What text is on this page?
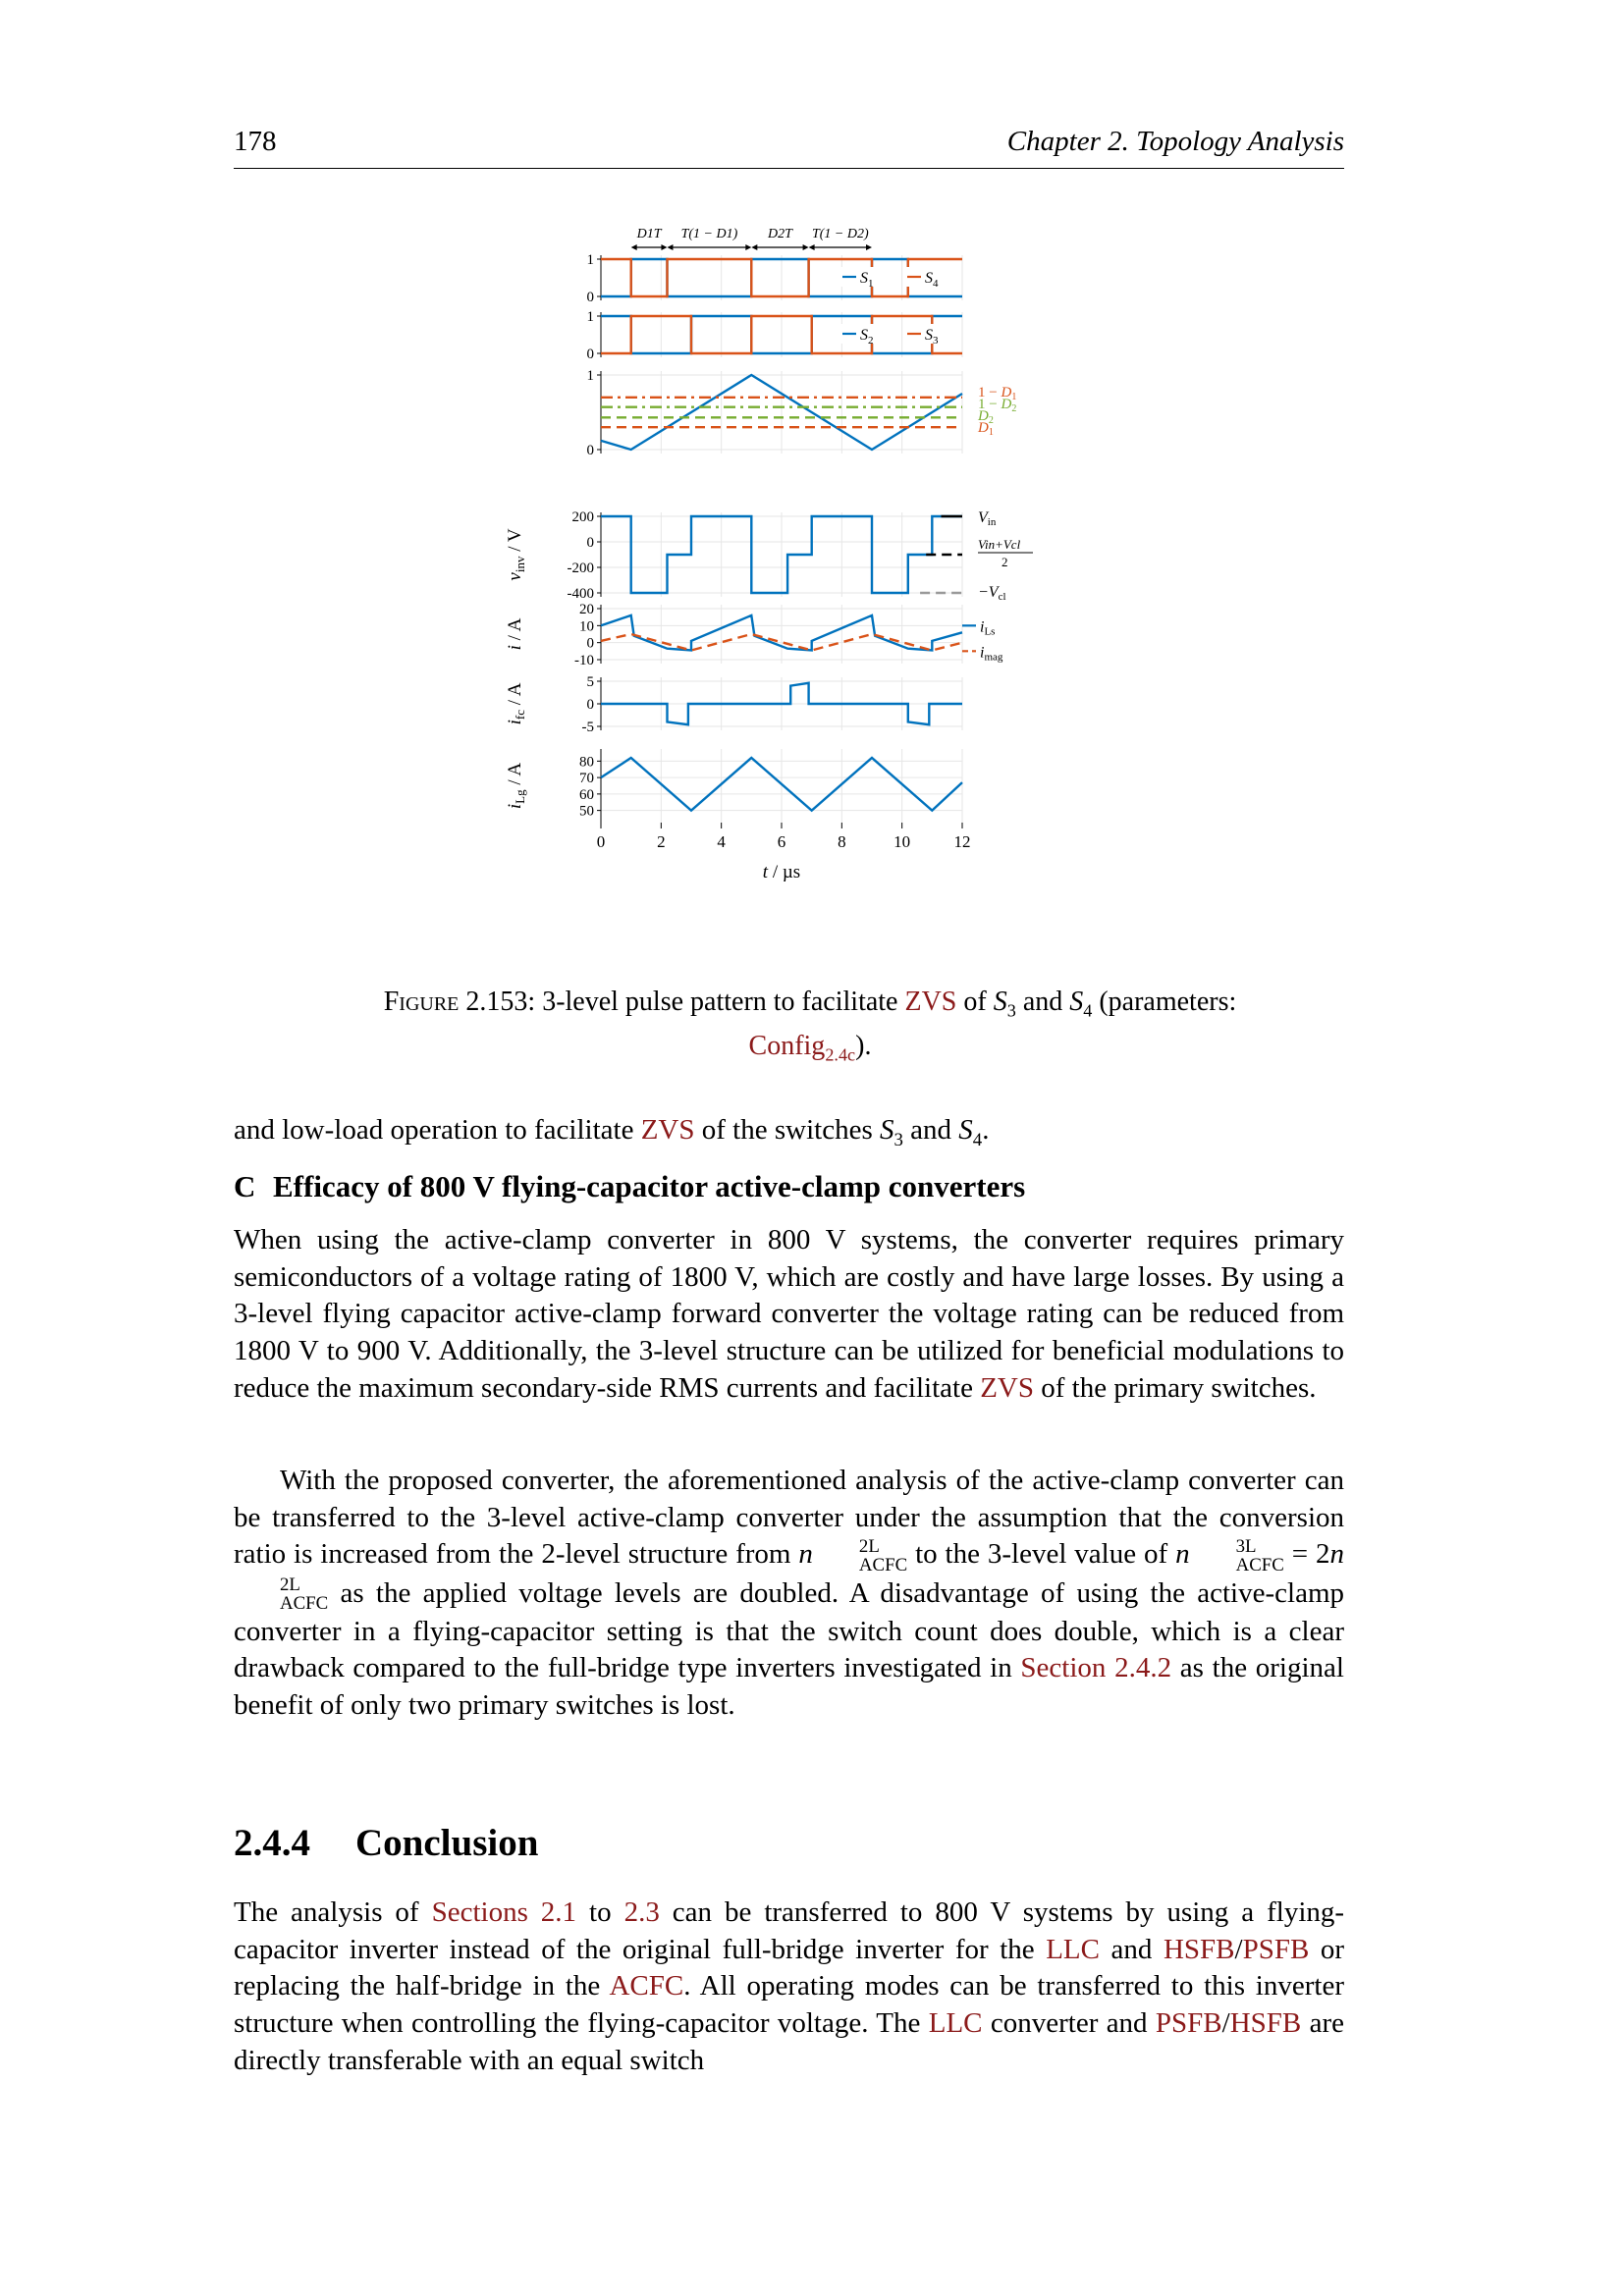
178	Chapter 2. Topology Analysis
D1T T(1 − D1) D2T T(1 − D2)
0
1
$S_1$	$S_4$
0
1
$S_2$	$S_3$
0
1
$1 - D_1$
$1 - D_2$
$D_2$
$D_1$
200
0
-200
-400
$v_{inv}$ / V
Vin
Vin+Vcl
2
−Vcl
20
10
0
-10
i / A	iLs
imag
5
0
-5
$i_{fc}$ / A
80
70
60
50
$i_{Lg}$ / A
0	2	4	6	8	10	12
t / µs
Figure 2.153: 3-level pulse pattern to facilitate ZVS of $S_3$ and $S_4$ (parameters: Config$_{2.4c}$).

and low-load operation to facilitate ZVS of the switches $S_3$ and $S_4$.

C Efficacy of 800 V flying-capacitor active-clamp converters

When using the active-clamp converter in 800 V systems, the converter requires primary semiconductors of a voltage rating of 1800 V, which are costly and have large losses. By using a 3-level flying capacitor active-clamp forward converter the voltage rating can be reduced from 1800 V to 900 V. Additionally, the 3-level structure can be utilized for beneficial modulations to reduce the maximum secondary-side RMS currents and facilitate ZVS of the primary switches.

With the proposed converter, the aforementioned analysis of the active-clamp converter can be transferred to the 3-level active-clamp converter under the assumption that the conversion ratio is increased from the 2-level structure from n	2L
ACFC to the 3-level value of n	3L
ACFC = 2n
2L
ACFC as the applied voltage levels are doubled. A disadvantage of using the active-clamp converter in a flying-capacitor setting is that the switch count does double, which is a clear drawback compared to the full-bridge type inverters investigated in Section 2.4.2 as the original benefit of only two primary switches is lost.

2.4.4 Conclusion

The analysis of Sections 2.1 to 2.3 can be transferred to 800 V systems by using a flying-capacitor inverter instead of the original full-bridge inverter for the LLC and HSFB/PSFB or replacing the half-bridge in the ACFC. All operating modes can be transferred to this inverter structure when controlling the flying-capacitor voltage. The LLC converter and PSFB/HSFB are directly transferable with an equal switch
